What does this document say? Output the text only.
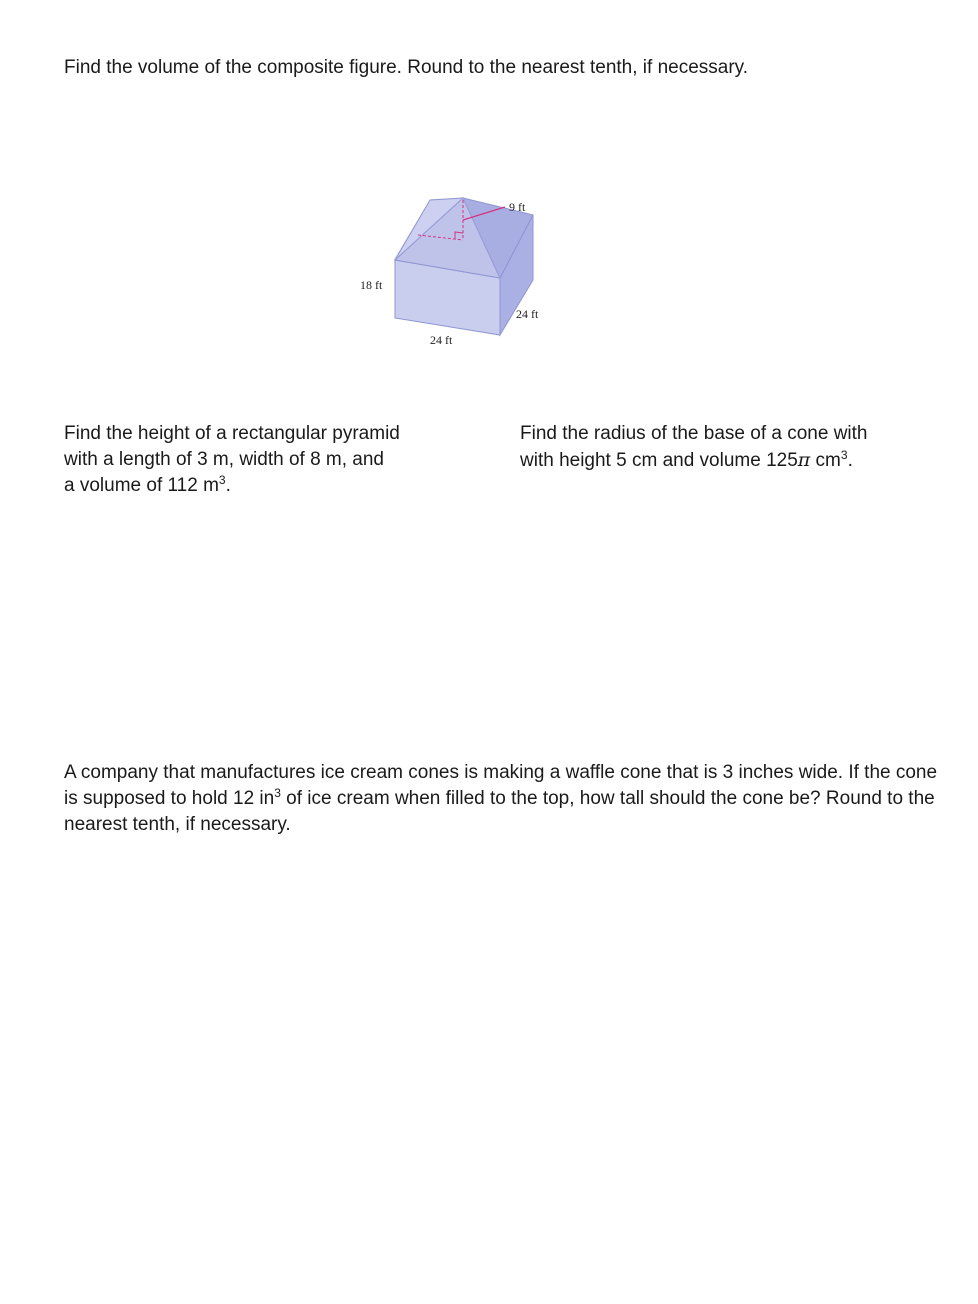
Find the volume of the composite figure. Round to the nearest tenth, if necessary.

9 ft
18 ft
24 ft
24 ft

Find the height of a rectangular pyramid
with a length of 3 m, width of 8 m, and
a volume of 112 $m^3$.

Find the radius of the base of a cone with
with height 5 cm and volume 125π $cm^3$.

A company that manufactures ice cream cones is making a waffle cone that is 3 inches wide. If the cone is supposed to hold 12 $in^3$ of ice cream when filled to the top, how tall should the cone be? Round to the nearest tenth, if necessary.
